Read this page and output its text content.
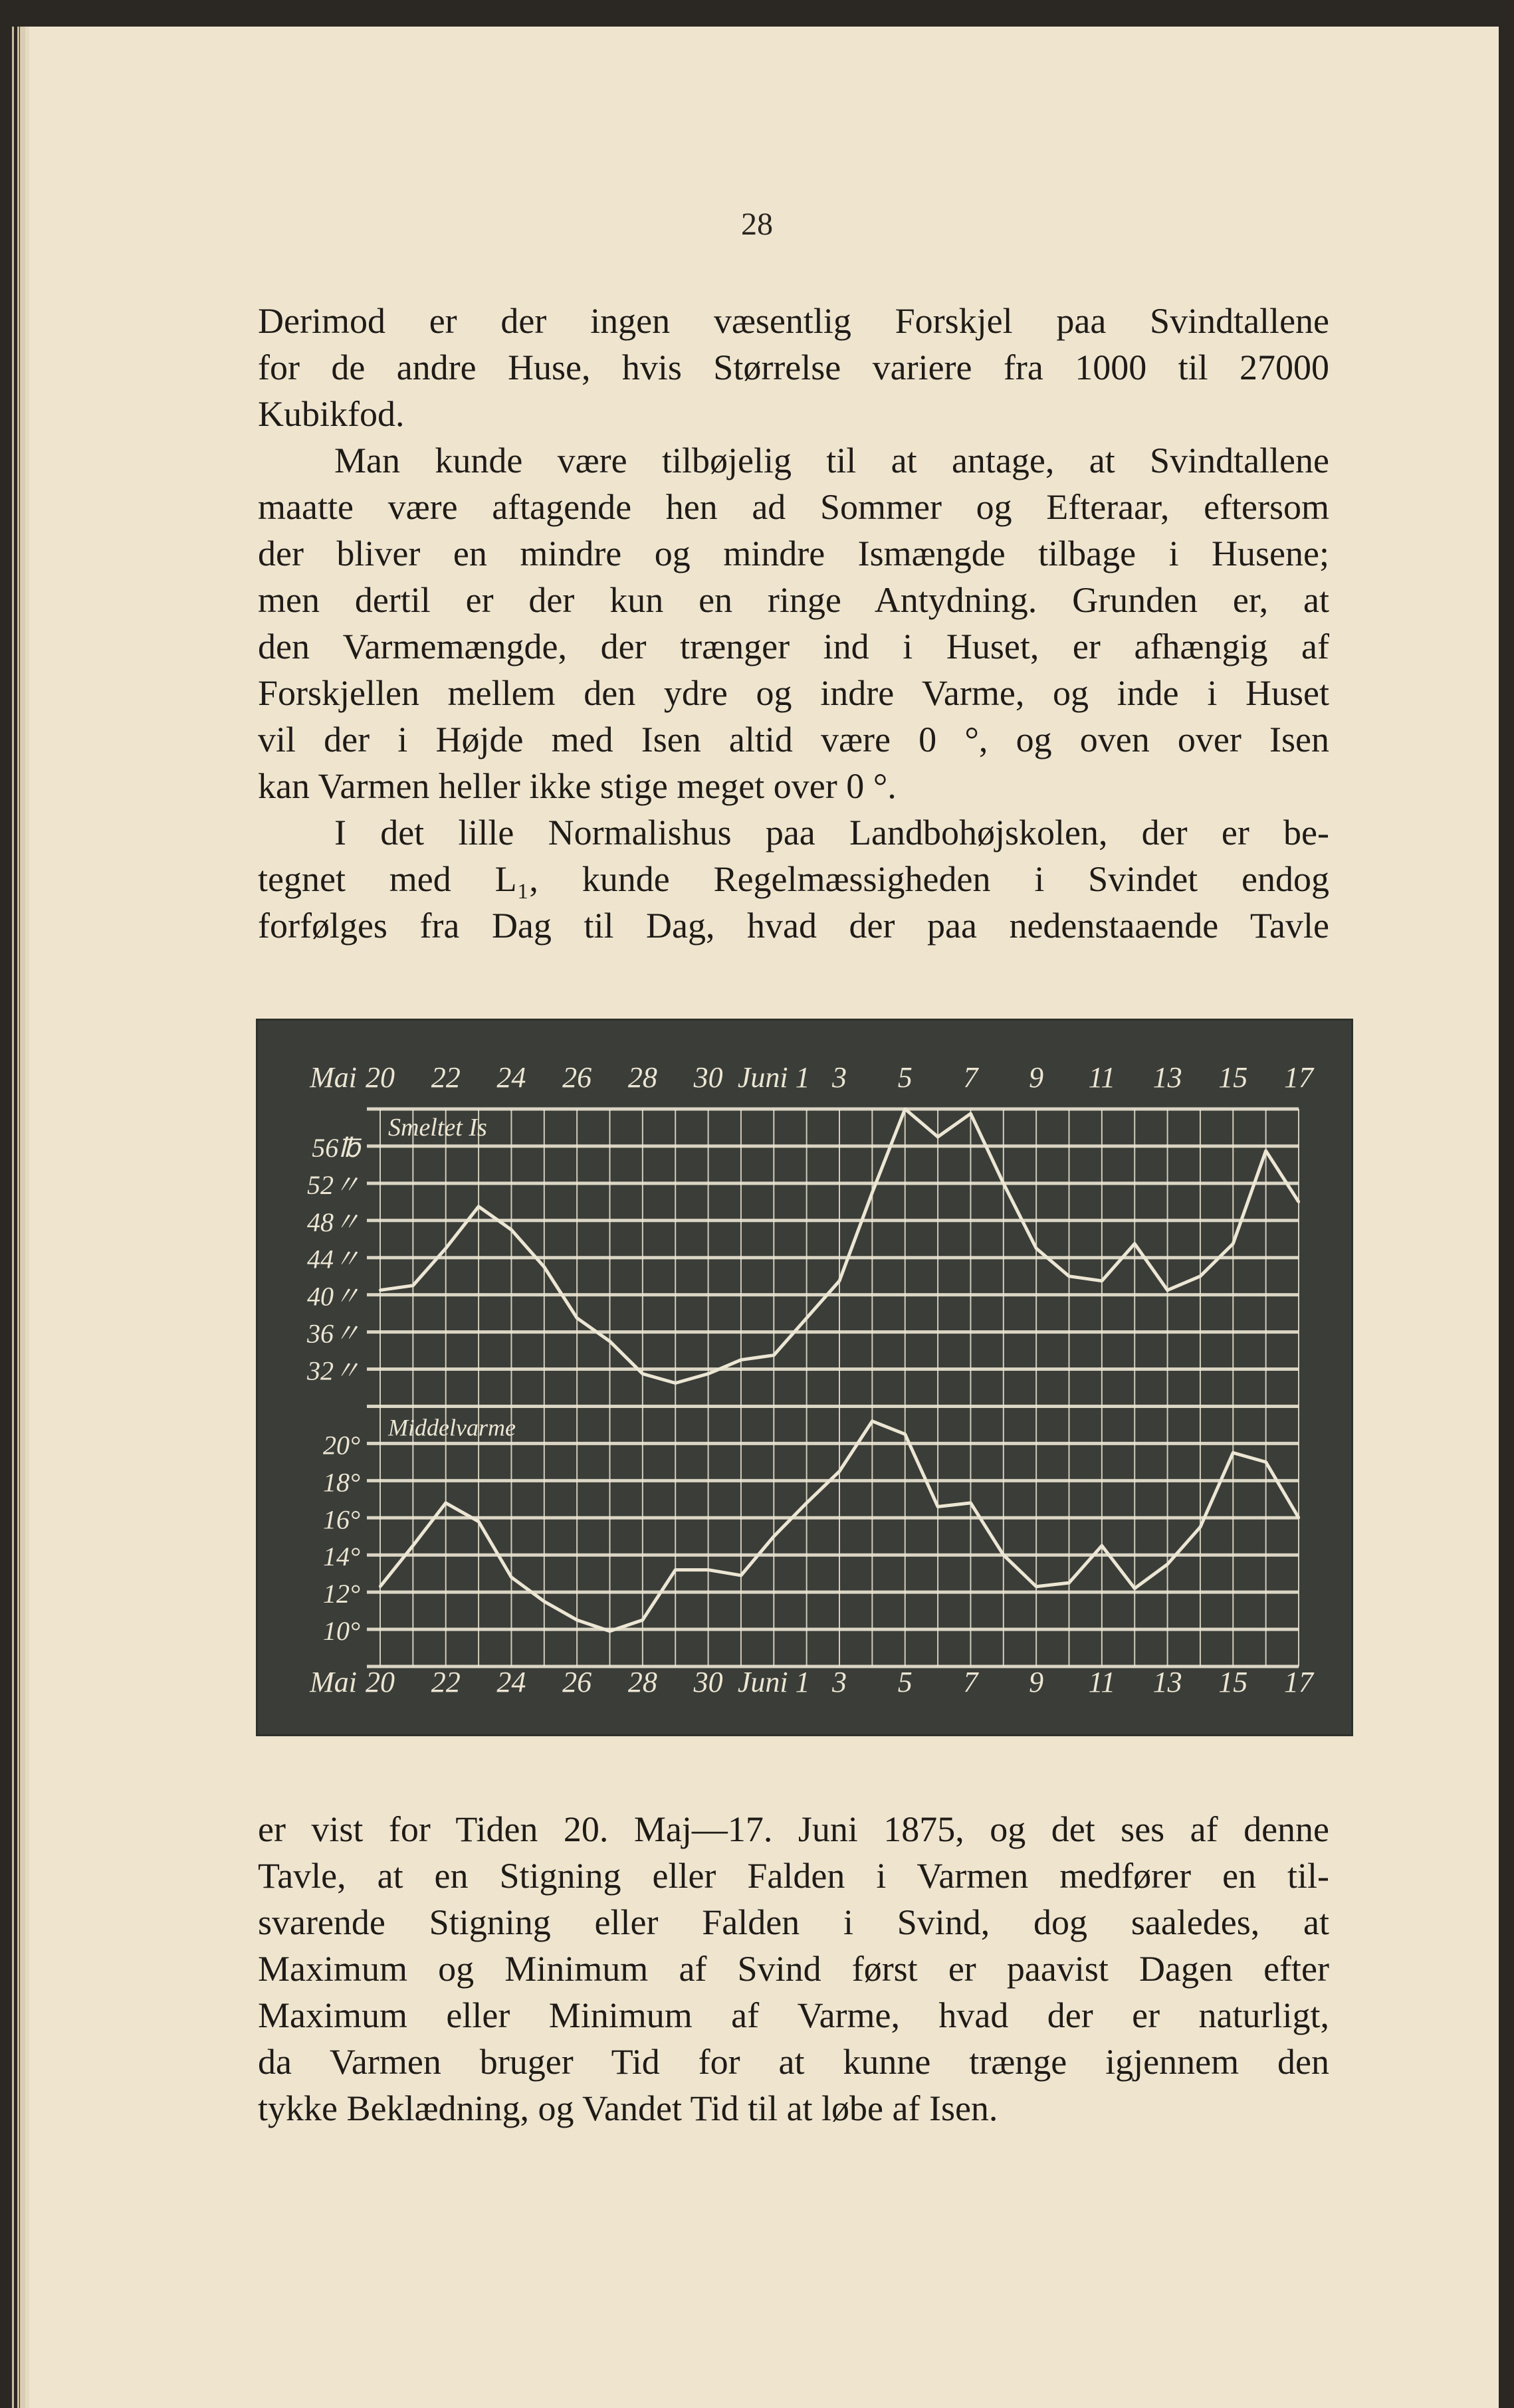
28
Derimod er der ingen væsentlig Forskjel paa Svindtallene
for de andre Huse, hvis Størrelse variere fra 1000 til 27000
Kubikfod.
Man kunde være tilbøjelig til at antage, at Svindtallene
maatte være aftagende hen ad Sommer og Efteraar, eftersom
der bliver en mindre og mindre Ismængde tilbage i Husene;
men dertil er der kun en ringe Antydning. Grunden er, at
den Varmemængde, der trænger ind i Huset, er afhængig af
Forskjellen mellem den ydre og indre Varme, og inde i Huset
vil der i Højde med Isen altid være 0 °, og oven over Isen
kan Varmen heller ikke stige meget over 0 °.
I det lille Normalishus paa Landbohøjskolen, der er be-
tegnet med L₁, kunde Regelmæssigheden i Svindet endog
forfølges fra Dag til Dag, hvad der paa nedenstaaende Tavle
Smeltet Is
Middelvarme
56℔
52〃
48〃
44〃
40〃
36〃
32〃
20°
18°
16°
14°
12°
10°
Mai 20 22 24 26 28 30 Juni 1 3 5 7 9 11 13 15 17
Mai 20 22 24 26 28 30 Juni 1 3 5 7 9 11 13 15 17
er vist for Tiden 20. Maj—17. Juni 1875, og det ses af denne
Tavle, at en Stigning eller Falden i Varmen medfører en til-
svarende Stigning eller Falden i Svind, dog saaledes, at
Maximum og Minimum af Svind først er paavist Dagen efter
Maximum eller Minimum af Varme, hvad der er naturligt,
da Varmen bruger Tid for at kunne trænge igjennem den
tykke Beklædning, og Vandet Tid til at løbe af Isen.
